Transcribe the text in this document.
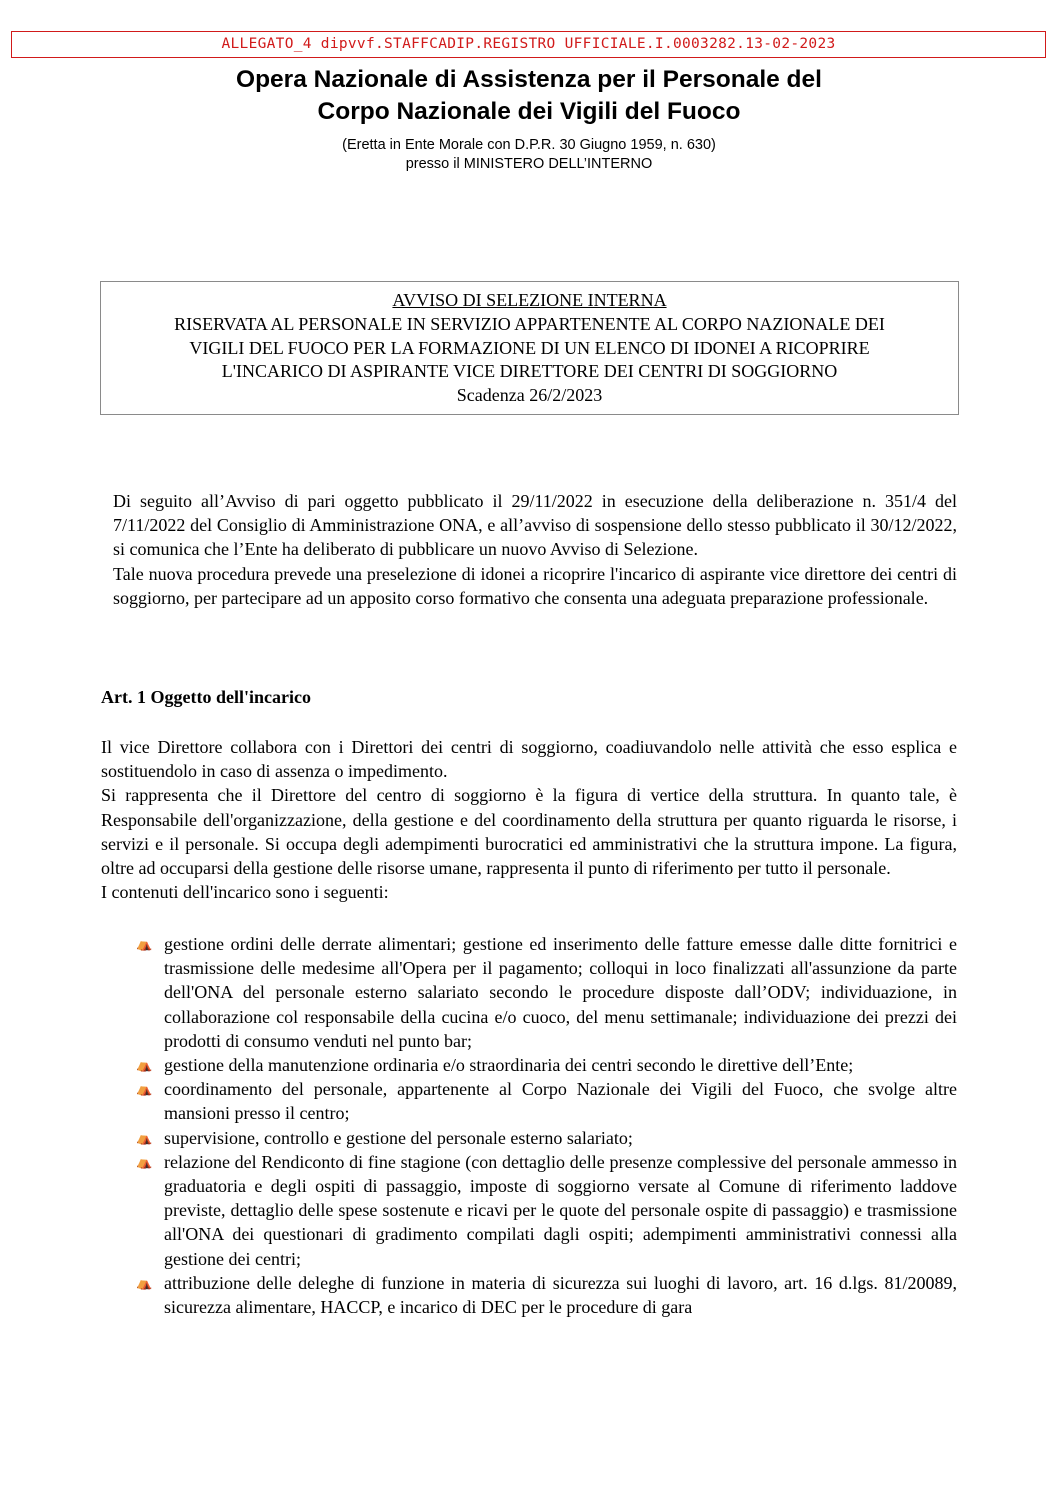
ALLEGATO_4 dipvvf.STAFFCADIP.REGISTRO UFFICIALE.I.0003282.13-02-2023
Opera Nazionale di Assistenza per il Personale del
Corpo Nazionale dei Vigili del Fuoco
(Eretta in Ente Morale con D.P.R. 30 Giugno 1959, n. 630)
presso il MINISTERO DELL’INTERNO
AVVISO DI SELEZIONE INTERNA
RISERVATA AL PERSONALE IN SERVIZIO APPARTENENTE AL CORPO NAZIONALE DEI
VIGILI DEL FUOCO PER LA FORMAZIONE DI UN ELENCO DI IDONEI A RICOPRIRE
L'INCARICO DI ASPIRANTE VICE DIRETTORE DEI CENTRI DI SOGGIORNO
Scadenza 26/2/2023

Di seguito all’Avviso di pari oggetto pubblicato il 29/11/2022 in esecuzione della deliberazione n. 351/4 del 7/11/2022 del Consiglio di Amministrazione ONA, e all’avviso di sospensione dello stesso pubblicato il 30/12/2022, si comunica che l’Ente ha deliberato di pubblicare un nuovo Avviso di Selezione.

Tale nuova procedura prevede una preselezione di idonei a ricoprire l'incarico di aspirante vice direttore dei centri di soggiorno, per partecipare ad un apposito corso formativo che consenta una adeguata preparazione professionale.

Art. 1 Oggetto dell'incarico

Il vice Direttore collabora con i Direttori dei centri di soggiorno, coadiuvandolo nelle attività che esso esplica e sostituendolo in caso di assenza o impedimento.

Si rappresenta che il Direttore del centro di soggiorno è la figura di vertice della struttura. In quanto tale, è Responsabile dell'organizzazione, della gestione e del coordinamento della struttura per quanto riguarda le risorse, i servizi e il personale. Si occupa degli adempimenti burocratici ed amministrativi che la struttura impone. La figura, oltre ad occuparsi della gestione delle risorse umane, rappresenta il punto di riferimento per tutto il personale.

I contenuti dell'incarico sono i seguenti:

⛺ gestione ordini delle derrate alimentari; gestione ed inserimento delle fatture emesse dalle ditte fornitrici e trasmissione delle medesime all'Opera per il pagamento; colloqui in loco finalizzati all'assunzione da parte dell'ONA del personale esterno salariato secondo le procedure disposte dall’ODV; individuazione, in collaborazione col responsabile della cucina e/o cuoco, del menu settimanale; individuazione dei prezzi dei prodotti di consumo venduti nel punto bar;
⛺ gestione della manutenzione ordinaria e/o straordinaria dei centri secondo le direttive dell’Ente;
⛺ coordinamento del personale, appartenente al Corpo Nazionale dei Vigili del Fuoco, che svolge altre mansioni presso il centro;
⛺ supervisione, controllo e gestione del personale esterno salariato;
⛺ relazione del Rendiconto di fine stagione (con dettaglio delle presenze complessive del personale ammesso in graduatoria e degli ospiti di passaggio, imposte di soggiorno versate al Comune di riferimento laddove previste, dettaglio delle spese sostenute e ricavi per le quote del personale ospite di passaggio) e trasmissione all'ONA dei questionari di gradimento compilati dagli ospiti; adempimenti amministrativi connessi alla gestione dei centri;
⛺ attribuzione delle deleghe di funzione in materia di sicurezza sui luoghi di lavoro, art. 16 d.lgs. 81/20089, sicurezza alimentare, HACCP, e incarico di DEC per le procedure di gara
